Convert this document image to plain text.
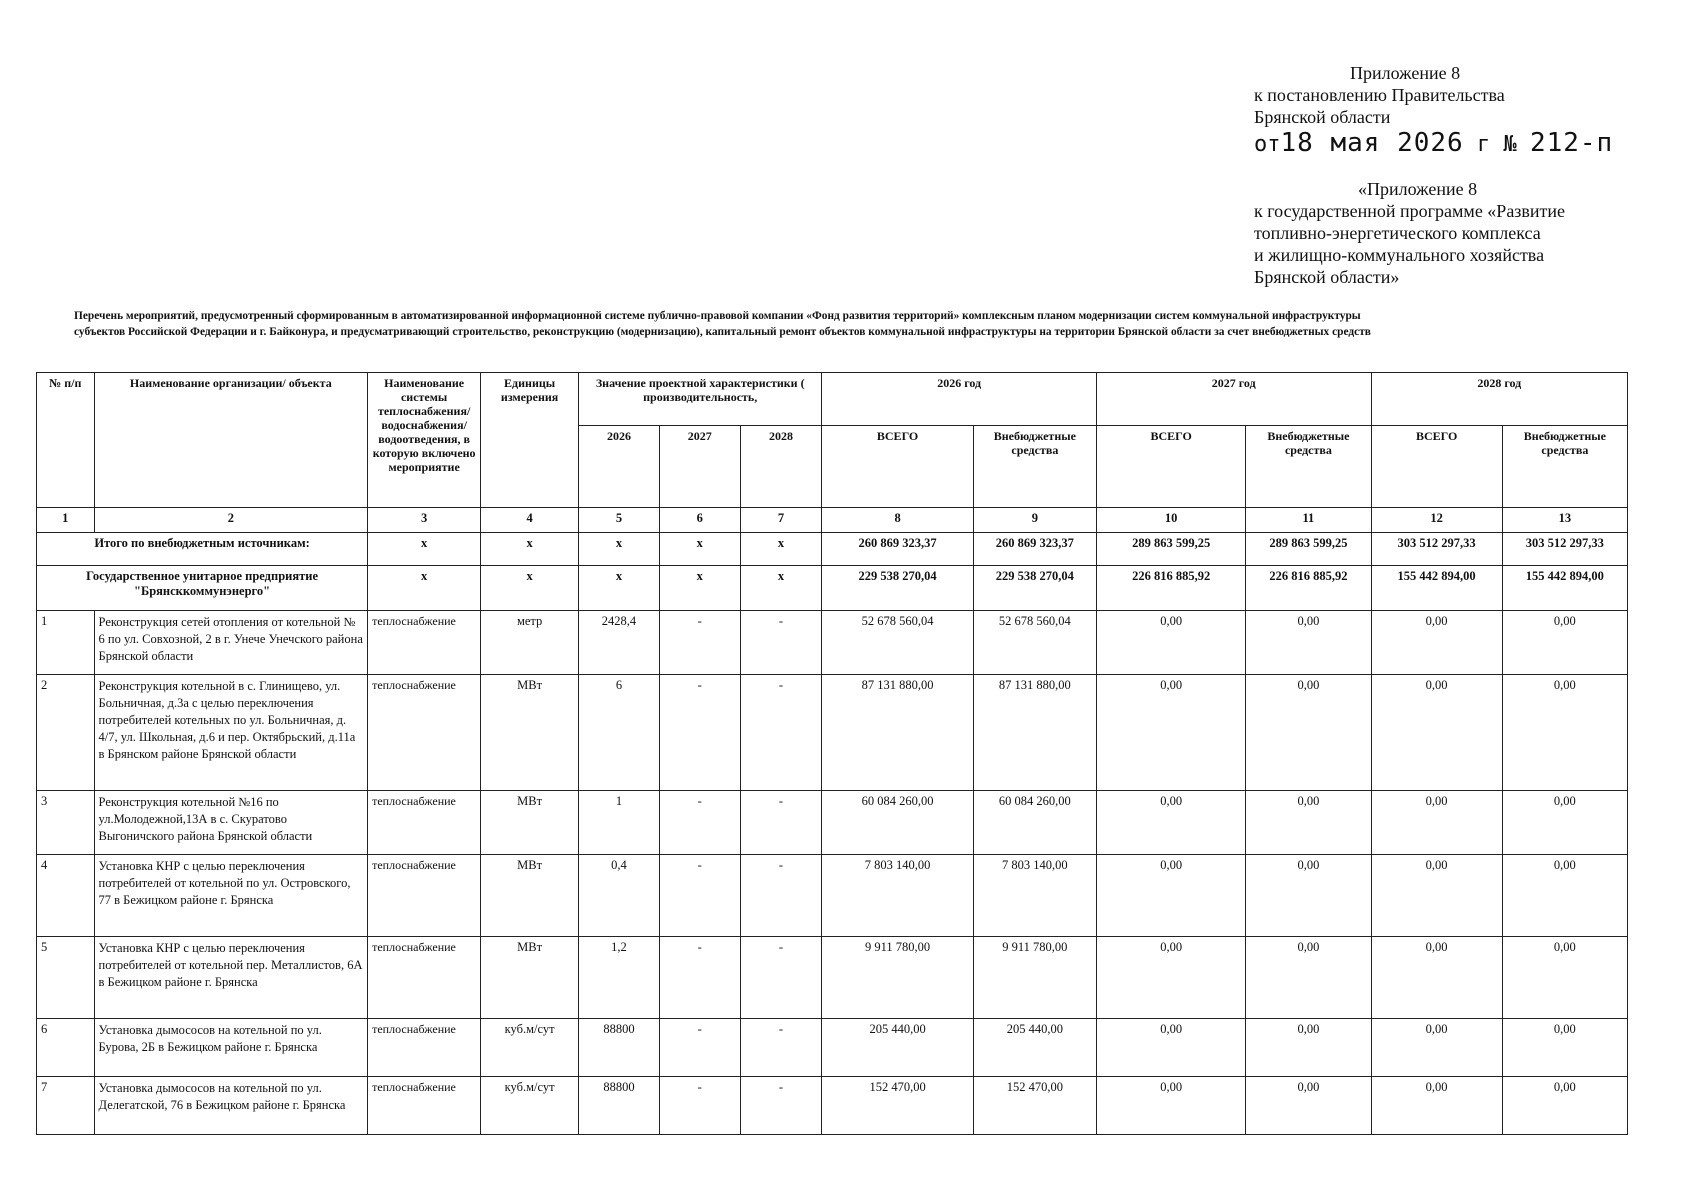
Приложение 8
к постановлению Правительства
Брянской области
от18 мая 2026 г № 212-п
«Приложение 8
к государственной программе «Развитие
топливно-энергетического комплекса
и жилищно-коммунального хозяйства
Брянской области»
Перечень мероприятий, предусмотренный сформированным в автоматизированной информационной системе публично-правовой компании «Фонд развития территорий» комплексным планом модернизации систем коммунальной инфраструктуры
субъектов Российской Федерации и г. Байконура, и предусматривающий строительство, реконструкцию (модернизацию), капитальный ремонт объектов коммунальной инфраструктуры на территории Брянской области за счет внебюджетных средств
№ п/п	Наименование организации/ объекта	Наименование системы теплоснабжения/водоснабжения/водоотведения, в которую включено мероприятие	Единицы измерения	Значение проектной характеристики ( производительность,			2026 год		2027 год		2028 год	
				2026	2027	2028	ВСЕГО	Внебюджетные средства	ВСЕГО	Внебюджетные средства	ВСЕГО	Внебюджетные средства
1	2	3	4	5	6	7	8	9	10	11	12	13
Итого по внебюджетным источникам:		x	x	x	x	x	260 869 323,37	260 869 323,37	289 863 599,25	289 863 599,25	303 512 297,33	303 512 297,33
Государственное унитарное предприятие "Брянсккоммунэнерго"		x	x	x	x	x	229 538 270,04	229 538 270,04	226 816 885,92	226 816 885,92	155 442 894,00	155 442 894,00
1	Реконструкция сетей отопления от котельной № 6 по ул. Совхозной, 2 в г. Унече Унечского района Брянской области	теплоснабжение	метр	2428,4	-	-	52 678 560,04	52 678 560,04	0,00	0,00	0,00	0,00
2	Реконструкция котельной в с. Глинищево, ул. Больничная, д.3а с целью переключения потребителей котельных по ул. Больничная, д. 4/7, ул. Школьная, д.6 и пер. Октябрьский, д.11а в Брянском районе Брянской области	теплоснабжение	МВт	6	-	-	87 131 880,00	87 131 880,00	0,00	0,00	0,00	0,00
3	Реконструкция котельной №16 по ул.Молодежной,13А в с. Скуратово Выгоничского района Брянской области	теплоснабжение	МВт	1	-	-	60 084 260,00	60 084 260,00	0,00	0,00	0,00	0,00
4	Установка КНР с целью переключения потребителей от котельной по ул. Островского, 77 в Бежицком районе г. Брянска	теплоснабжение	МВт	0,4	-	-	7 803 140,00	7 803 140,00	0,00	0,00	0,00	0,00
5	Установка КНР с целью переключения потребителей от котельной пер. Металлистов, 6А в Бежицком районе г. Брянска	теплоснабжение	МВт	1,2	-	-	9 911 780,00	9 911 780,00	0,00	0,00	0,00	0,00
6	Установка дымососов на котельной по ул. Бурова, 2Б в Бежицком районе г. Брянска	теплоснабжение	куб.м/сут	88800	-	-	205 440,00	205 440,00	0,00	0,00	0,00	0,00
7	Установка дымососов на котельной по ул. Делегатской, 76 в Бежицком районе г. Брянска	теплоснабжение	куб.м/сут	88800	-	-	152 470,00	152 470,00	0,00	0,00	0,00	0,00
